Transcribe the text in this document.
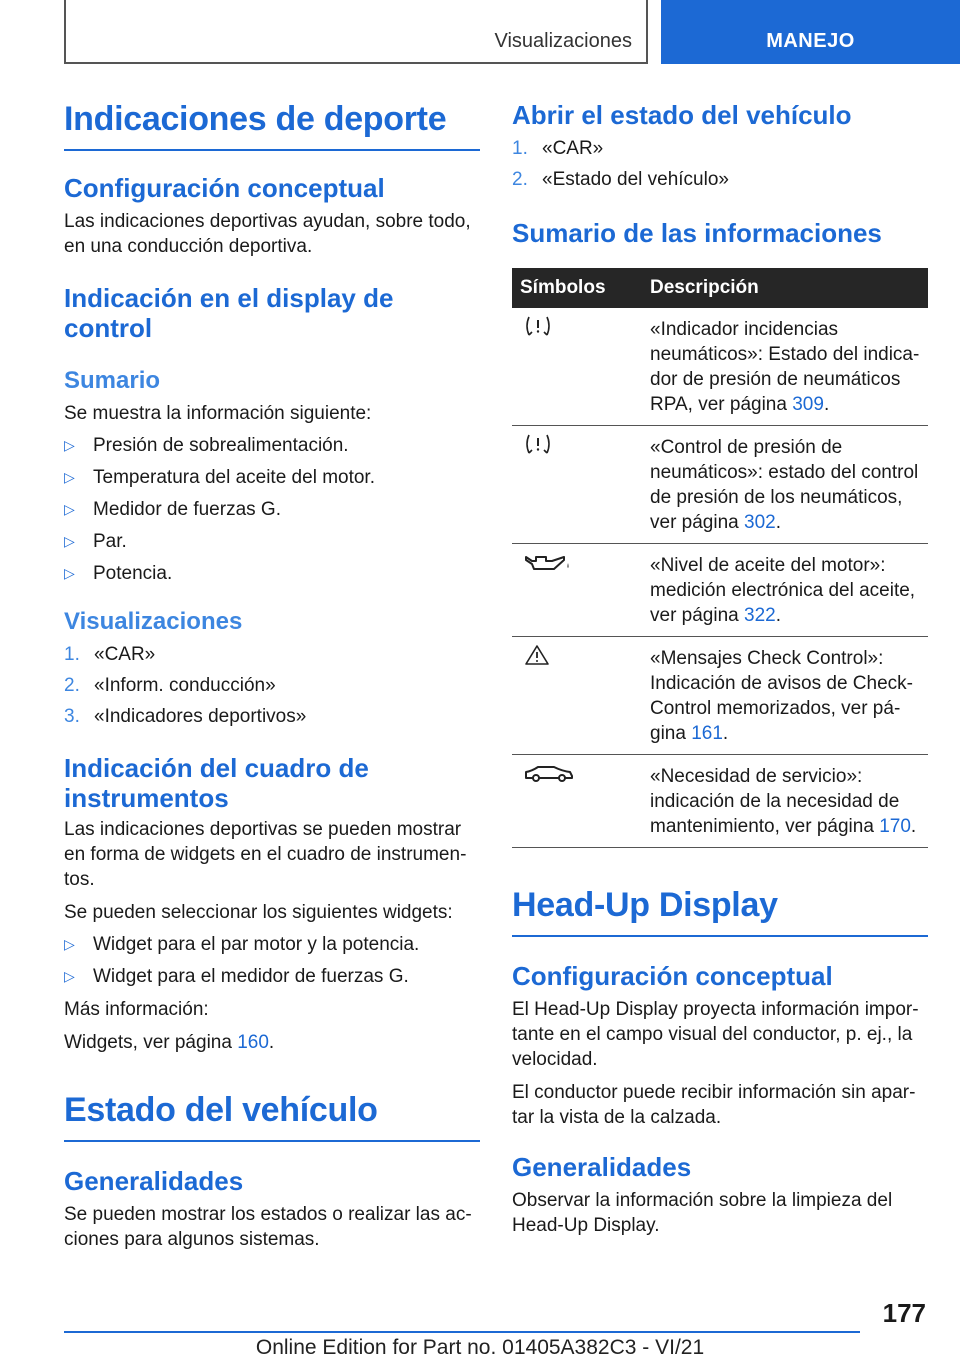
Visualizaciones	MANEJO
Indicaciones de deporte
Configuración conceptual

Las indicaciones deportivas ayudan, sobre todo, en una conducción deportiva.

Indicación en el display de control
Sumario

Se muestra la información siguiente:

▷ Presión de sobrealimentación.
▷ Temperatura del aceite del motor.
▷ Medidor de fuerzas G.
▷ Par.
▷ Potencia.
Visualizaciones
1. «CAR»
2. «Inform. conducción»
3. «Indicadores deportivos»
Indicación del cuadro de instrumentos

Las indicaciones deportivas se pueden mostrar en forma de widgets en el cuadro de instrumentos.

Se pueden seleccionar los siguientes widgets:

▷ Widget para el par motor y la potencia.
▷ Widget para el medidor de fuerzas G.

Más información:

Widgets, ver página 160.

Estado del vehículo
Generalidades

Se pueden mostrar los estados o realizar las acciones para algunos sistemas.

Abrir el estado del vehículo
1. «CAR»
2. «Estado del vehículo»
Sumario de las informaciones
Símbolos	Descripción

	«Indicador incidencias neumáticos»: Estado del indicador de presión de neumáticos RPA, ver página 309.

	«Control de presión de neumáticos»: estado del control de presión de los neumáticos, ver página 302.

	«Nivel de aceite del motor»: medición electrónica del aceite, ver página 322.

	«Mensajes Check Control»: Indicación de avisos de Check-Control memorizados, ver página 161.

	«Necesidad de servicio»: indicación de la necesidad de mantenimiento, ver página 170.
Head-Up Display
Configuración conceptual

El Head-Up Display proyecta información importante en el campo visual del conductor, p. ej., la velocidad.

El conductor puede recibir información sin apartar la vista de la calzada.

Generalidades

Observar la información sobre la limpieza del Head-Up Display.

177
Online Edition for Part no. 01405A382C3 - VI/21
